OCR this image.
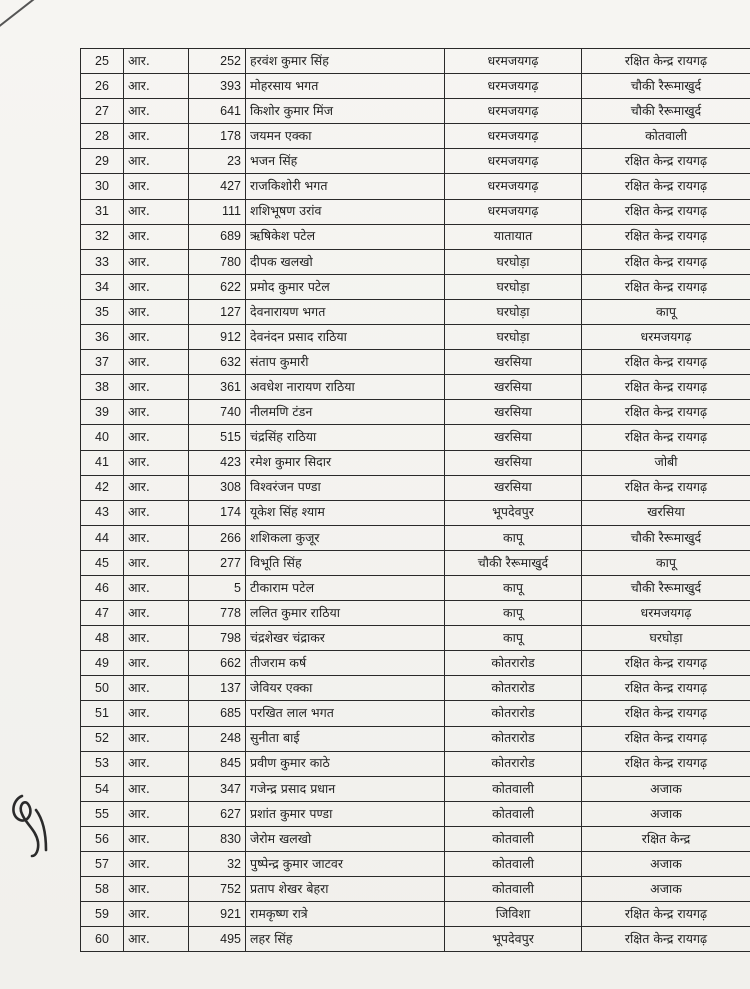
25	आर.	252	हरवंश कुमार सिंह	धरमजयगढ़	रक्षित केन्द्र रायगढ़
26	आर.	393	मोहरसाय भगत	धरमजयगढ़	चौकी रैरूमाखुर्द
27	आर.	641	किशोर कुमार मिंज	धरमजयगढ़	चौकी रैरूमाखुर्द
28	आर.	178	जयमन एक्का	धरमजयगढ़	कोतवाली
29	आर.	23	भजन सिंह	धरमजयगढ़	रक्षित केन्द्र रायगढ़
30	आर.	427	राजकिशोरी भगत	धरमजयगढ़	रक्षित केन्द्र रायगढ़
31	आर.	111	शशिभूषण उरांव	धरमजयगढ़	रक्षित केन्द्र रायगढ़
32	आर.	689	ऋषिकेश पटेल	यातायात	रक्षित केन्द्र रायगढ़
33	आर.	780	दीपक खलखो	घरघोड़ा	रक्षित केन्द्र रायगढ़
34	आर.	622	प्रमोद कुमार पटेल	घरघोड़ा	रक्षित केन्द्र रायगढ़
35	आर.	127	देवनारायण भगत	घरघोड़ा	कापू
36	आर.	912	देवनंदन प्रसाद राठिया	घरघोड़ा	धरमजयगढ़
37	आर.	632	संताप कुमारी	खरसिया	रक्षित केन्द्र रायगढ़
38	आर.	361	अवधेश नारायण राठिया	खरसिया	रक्षित केन्द्र रायगढ़
39	आर.	740	नीलमणि टंडन	खरसिया	रक्षित केन्द्र रायगढ़
40	आर.	515	चंद्रसिंह राठिया	खरसिया	रक्षित केन्द्र रायगढ़
41	आर.	423	रमेश कुमार सिदार	खरसिया	जोबी
42	आर.	308	विश्वरंजन पण्डा	खरसिया	रक्षित केन्द्र रायगढ़
43	आर.	174	यूकेश सिंह श्याम	भूपदेवपुर	खरसिया
44	आर.	266	शशिकला कुजूर	कापू	चौकी रैरूमाखुर्द
45	आर.	277	विभूति सिंह	चौकी रैरूमाखुर्द	कापू
46	आर.	5	टीकाराम पटेल	कापू	चौकी रैरूमाखुर्द
47	आर.	778	ललित कुमार राठिया	कापू	धरमजयगढ़
48	आर.	798	चंद्रशेखर चंद्राकर	कापू	घरघोड़ा
49	आर.	662	तीजराम कर्ष	कोतरारोड	रक्षित केन्द्र रायगढ़
50	आर.	137	जेवियर एक्का	कोतरारोड	रक्षित केन्द्र रायगढ़
51	आर.	685	परखित लाल भगत	कोतरारोड	रक्षित केन्द्र रायगढ़
52	आर.	248	सुनीता बाई	कोतरारोड	रक्षित केन्द्र रायगढ़
53	आर.	845	प्रवीण कुमार काठे	कोतरारोड	रक्षित केन्द्र रायगढ़
54	आर.	347	गजेन्द्र प्रसाद प्रधान	कोतवाली	अजाक
55	आर.	627	प्रशांत कुमार पण्डा	कोतवाली	अजाक
56	आर.	830	जेरोम खलखो	कोतवाली	रक्षित केन्द्र
57	आर.	32	पुष्पेन्द्र कुमार जाटवर	कोतवाली	अजाक
58	आर.	752	प्रताप शेखर बेहरा	कोतवाली	अजाक
59	आर.	921	रामकृष्ण रात्रे	जिविशा	रक्षित केन्द्र रायगढ़
60	आर.	495	लहर सिंह	भूपदेवपुर	रक्षित केन्द्र रायगढ़
